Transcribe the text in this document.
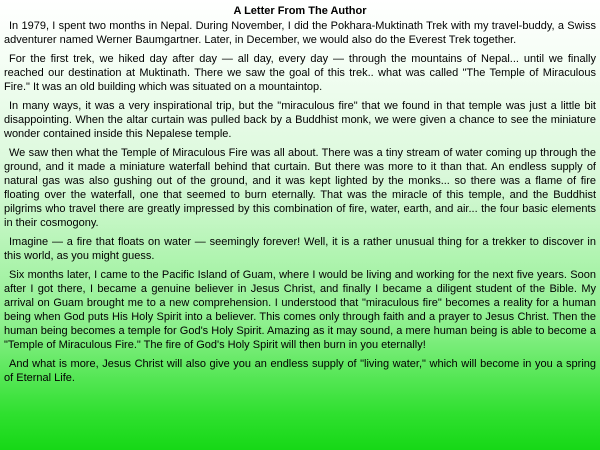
A Letter From The Author

In 1979, I spent two months in Nepal. During November, I did the Pokhara-Muktinath Trek with my travel-buddy, a Swiss adventurer named Werner Baumgartner. Later, in December, we would also do the Everest Trek together.

For the first trek, we hiked day after day — all day, every day — through the mountains of Nepal... until we finally reached our destination at Muktinath. There we saw the goal of this trek.. what was called "The Temple of Miraculous Fire." It was an old building which was situated on a mountaintop.

In many ways, it was a very inspirational trip, but the "miraculous fire" that we found in that temple was just a little bit disappointing. When the altar curtain was pulled back by a Buddhist monk, we were given a chance to see the miniature wonder contained inside this Nepalese temple.

We saw then what the Temple of Miraculous Fire was all about. There was a tiny stream of water coming up through the ground, and it made a miniature waterfall behind that curtain. But there was more to it than that. An endless supply of natural gas was also gushing out of the ground, and it was kept lighted by the monks... so there was a flame of fire floating over the waterfall, one that seemed to burn eternally. That was the miracle of this temple, and the Buddhist pilgrims who travel there are greatly impressed by this combination of fire, water, earth, and air... the four basic elements in their cosmogony.

Imagine — a fire that floats on water — seemingly forever! Well, it is a rather unusual thing for a trekker to discover in this world, as you might guess.

Six months later, I came to the Pacific Island of Guam, where I would be living and working for the next five years. Soon after I got there, I became a genuine believer in Jesus Christ, and finally I became a diligent student of the Bible. My arrival on Guam brought me to a new comprehension. I understood that "miraculous fire" becomes a reality for a human being when God puts His Holy Spirit into a believer. This comes only through faith and a prayer to Jesus Christ. Then the human being becomes a temple for God's Holy Spirit. Amazing as it may sound, a mere human being is able to become a "Temple of Miraculous Fire." The fire of God's Holy Spirit will then burn in you eternally!

And what is more, Jesus Christ will also give you an endless supply of "living water," which will become in you a spring of Eternal Life.
